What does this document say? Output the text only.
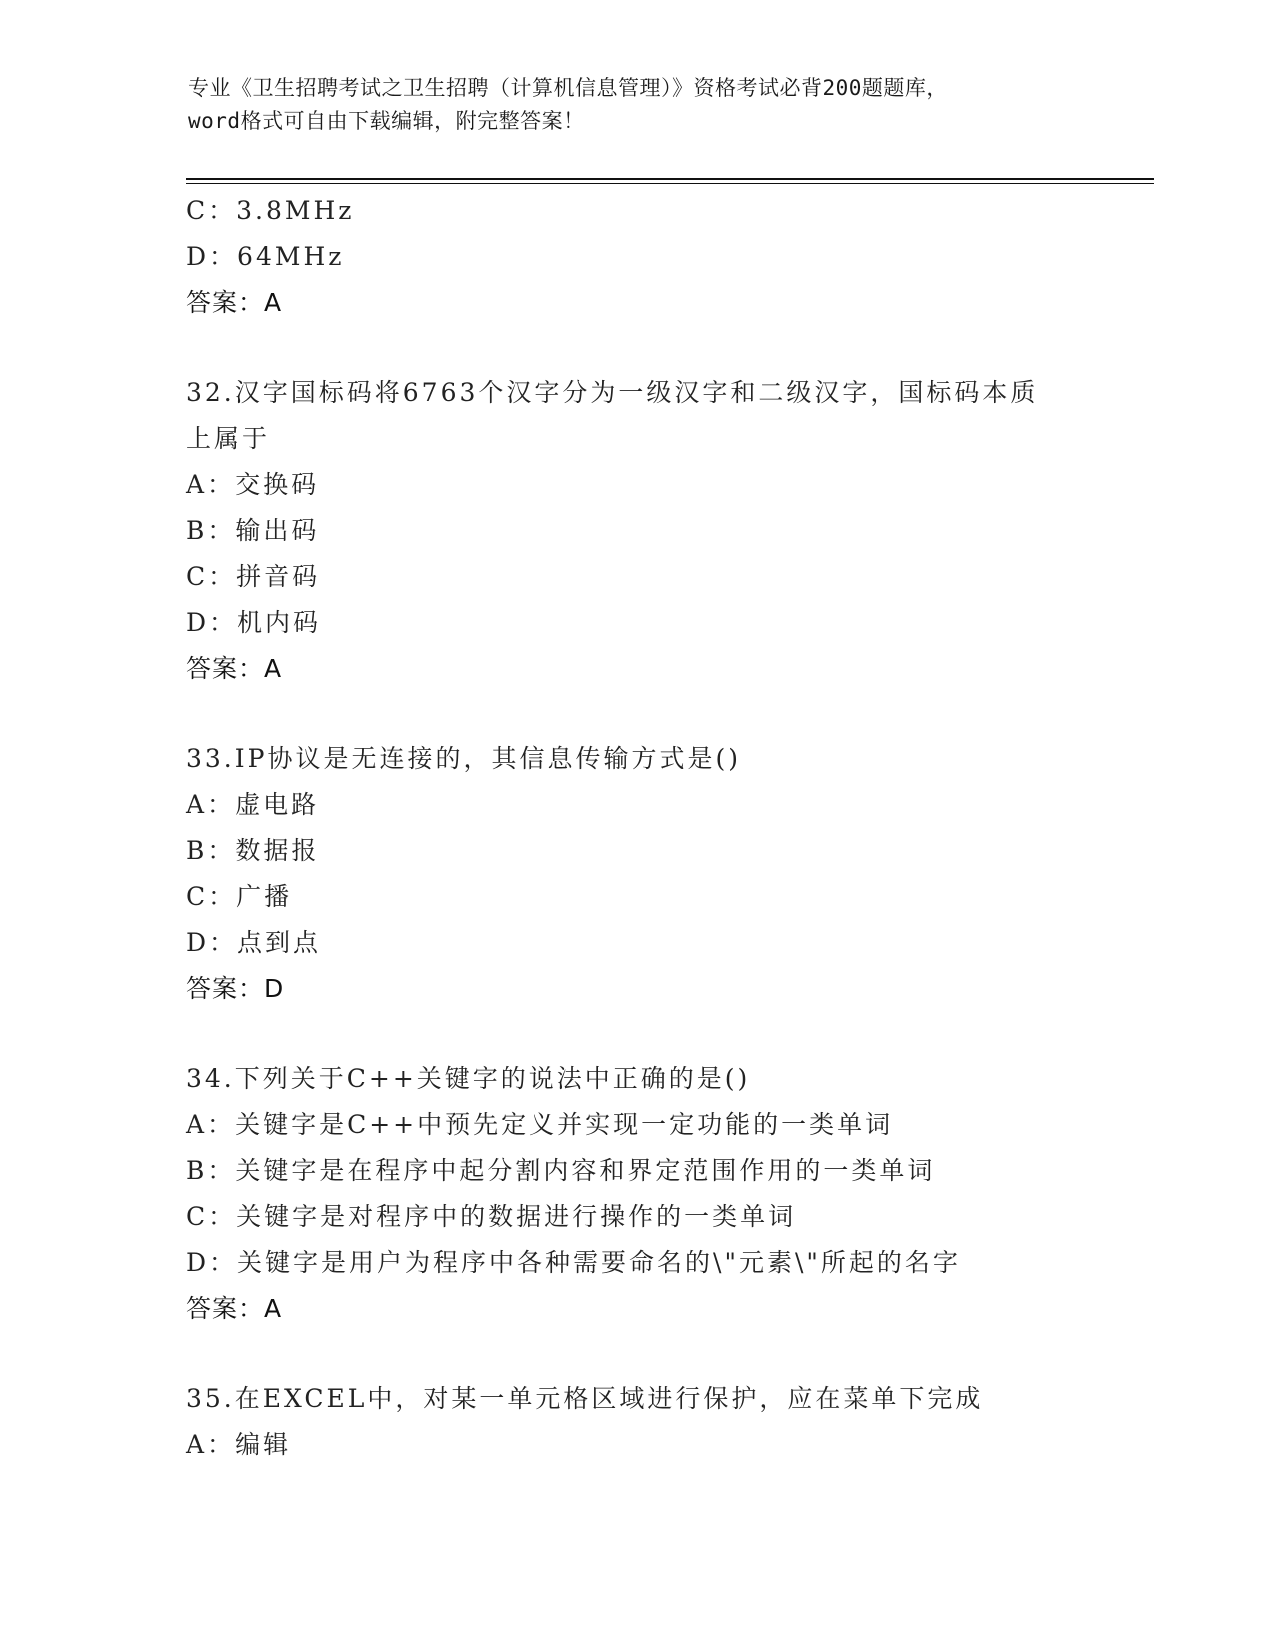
专业《卫生招聘考试之卫生招聘（计算机信息管理）》资格考试必背200题题库，
word格式可自由下载编辑，附完整答案！
C：3.8MHz
D：64MHz
答案：A
32.汉字国标码将6763个汉字分为一级汉字和二级汉字，国标码本质
上属于
A：交换码
B：输出码
C：拼音码
D：机内码
答案：A
33.IP协议是无连接的，其信息传输方式是()
A：虚电路
B：数据报
C：广播
D：点到点
答案：D
34.下列关于C++关键字的说法中正确的是()
A：关键字是C++中预先定义并实现一定功能的一类单词
B：关键字是在程序中起分割内容和界定范围作用的一类单词
C：关键字是对程序中的数据进行操作的一类单词
D：关键字是用户为程序中各种需要命名的\"元素\"所起的名字
答案：A
35.在EXCEL中，对某一单元格区域进行保护，应在菜单下完成
A：编辑
